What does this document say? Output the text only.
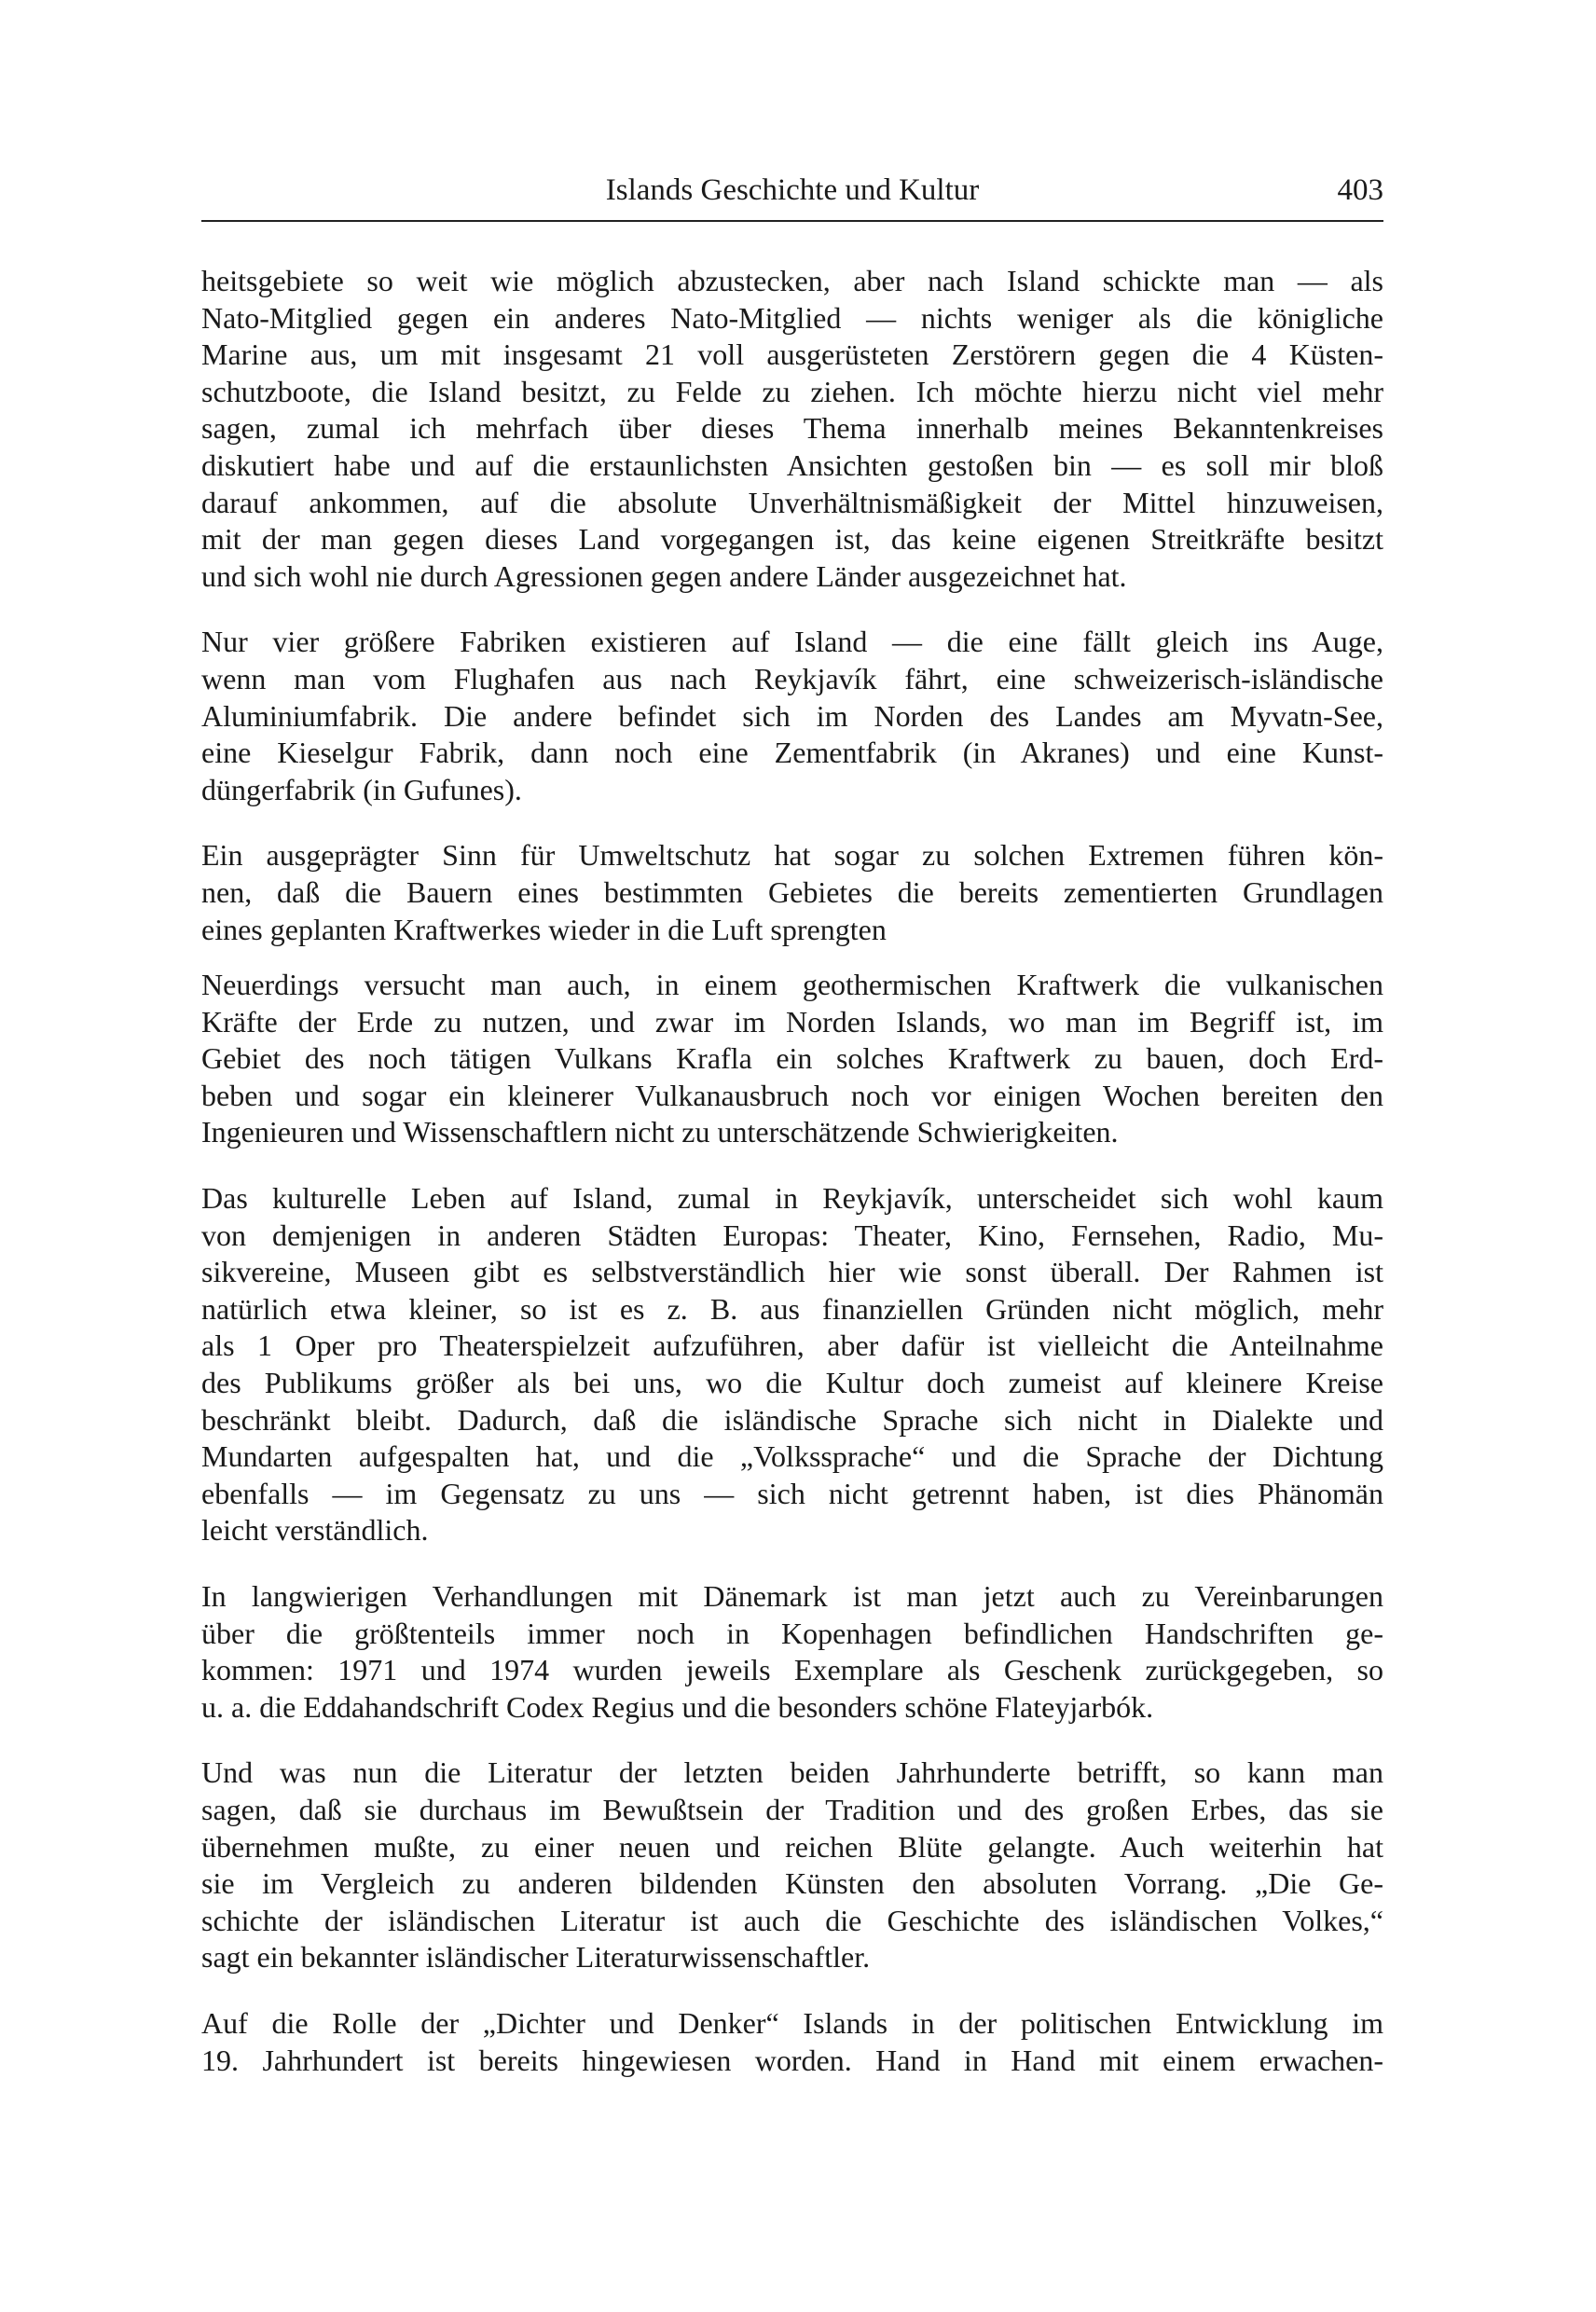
Islands Geschichte und Kultur	403
heitsgebiete so weit wie möglich abzustecken, aber nach Island schickte man — als
Nato-Mitglied gegen ein anderes Nato-Mitglied — nichts weniger als die königliche
Marine aus, um mit insgesamt 21 voll ausgerüsteten Zerstörern gegen die 4 Küsten-
schutzboote, die Island besitzt, zu Felde zu ziehen. Ich möchte hierzu nicht viel mehr
sagen, zumal ich mehrfach über dieses Thema innerhalb meines Bekanntenkreises
diskutiert habe und auf die erstaunlichsten Ansichten gestoßen bin — es soll mir bloß
darauf ankommen, auf die absolute Unverhältnismäßigkeit der Mittel hinzuweisen,
mit der man gegen dieses Land vorgegangen ist, das keine eigenen Streitkräfte besitzt
und sich wohl nie durch Agressionen gegen andere Länder ausgezeichnet hat.
Nur vier größere Fabriken existieren auf Island — die eine fällt gleich ins Auge,
wenn man vom Flughafen aus nach Reykjavík fährt, eine schweizerisch-isländische
Aluminiumfabrik. Die andere befindet sich im Norden des Landes am Myvatn-See,
eine Kieselgur Fabrik, dann noch eine Zementfabrik (in Akranes) und eine Kunst-
düngerfabrik (in Gufunes).
Ein ausgeprägter Sinn für Umweltschutz hat sogar zu solchen Extremen führen kön-
nen, daß die Bauern eines bestimmten Gebietes die bereits zementierten Grundlagen
eines geplanten Kraftwerkes wieder in die Luft sprengten
Neuerdings versucht man auch, in einem geothermischen Kraftwerk die vulkanischen
Kräfte der Erde zu nutzen, und zwar im Norden Islands, wo man im Begriff ist, im
Gebiet des noch tätigen Vulkans Krafla ein solches Kraftwerk zu bauen, doch Erd-
beben und sogar ein kleinerer Vulkanausbruch noch vor einigen Wochen bereiten den
Ingenieuren und Wissenschaftlern nicht zu unterschätzende Schwierigkeiten.
Das kulturelle Leben auf Island, zumal in Reykjavík, unterscheidet sich wohl kaum
von demjenigen in anderen Städten Europas: Theater, Kino, Fernsehen, Radio, Mu-
sikvereine, Museen gibt es selbstverständlich hier wie sonst überall. Der Rahmen ist
natürlich etwa kleiner, so ist es z. B. aus finanziellen Gründen nicht möglich, mehr
als 1 Oper pro Theaterspielzeit aufzuführen, aber dafür ist vielleicht die Anteilnahme
des Publikums größer als bei uns, wo die Kultur doch zumeist auf kleinere Kreise
beschränkt bleibt. Dadurch, daß die isländische Sprache sich nicht in Dialekte und
Mundarten aufgespalten hat, und die „Volkssprache“ und die Sprache der Dichtung
ebenfalls — im Gegensatz zu uns — sich nicht getrennt haben, ist dies Phänomän
leicht verständlich.
In langwierigen Verhandlungen mit Dänemark ist man jetzt auch zu Vereinbarungen
über die größtenteils immer noch in Kopenhagen befindlichen Handschriften ge-
kommen: 1971 und 1974 wurden jeweils Exemplare als Geschenk zurückgegeben, so
u. a. die Eddahandschrift Codex Regius und die besonders schöne Flateyjarbók.
Und was nun die Literatur der letzten beiden Jahrhunderte betrifft, so kann man
sagen, daß sie durchaus im Bewußtsein der Tradition und des großen Erbes, das sie
übernehmen mußte, zu einer neuen und reichen Blüte gelangte. Auch weiterhin hat
sie im Vergleich zu anderen bildenden Künsten den absoluten Vorrang. „Die Ge-
schichte der isländischen Literatur ist auch die Geschichte des isländischen Volkes,“
sagt ein bekannter isländischer Literaturwissenschaftler.
Auf die Rolle der „Dichter und Denker“ Islands in der politischen Entwicklung im
19. Jahrhundert ist bereits hingewiesen worden. Hand in Hand mit einem erwachen-
